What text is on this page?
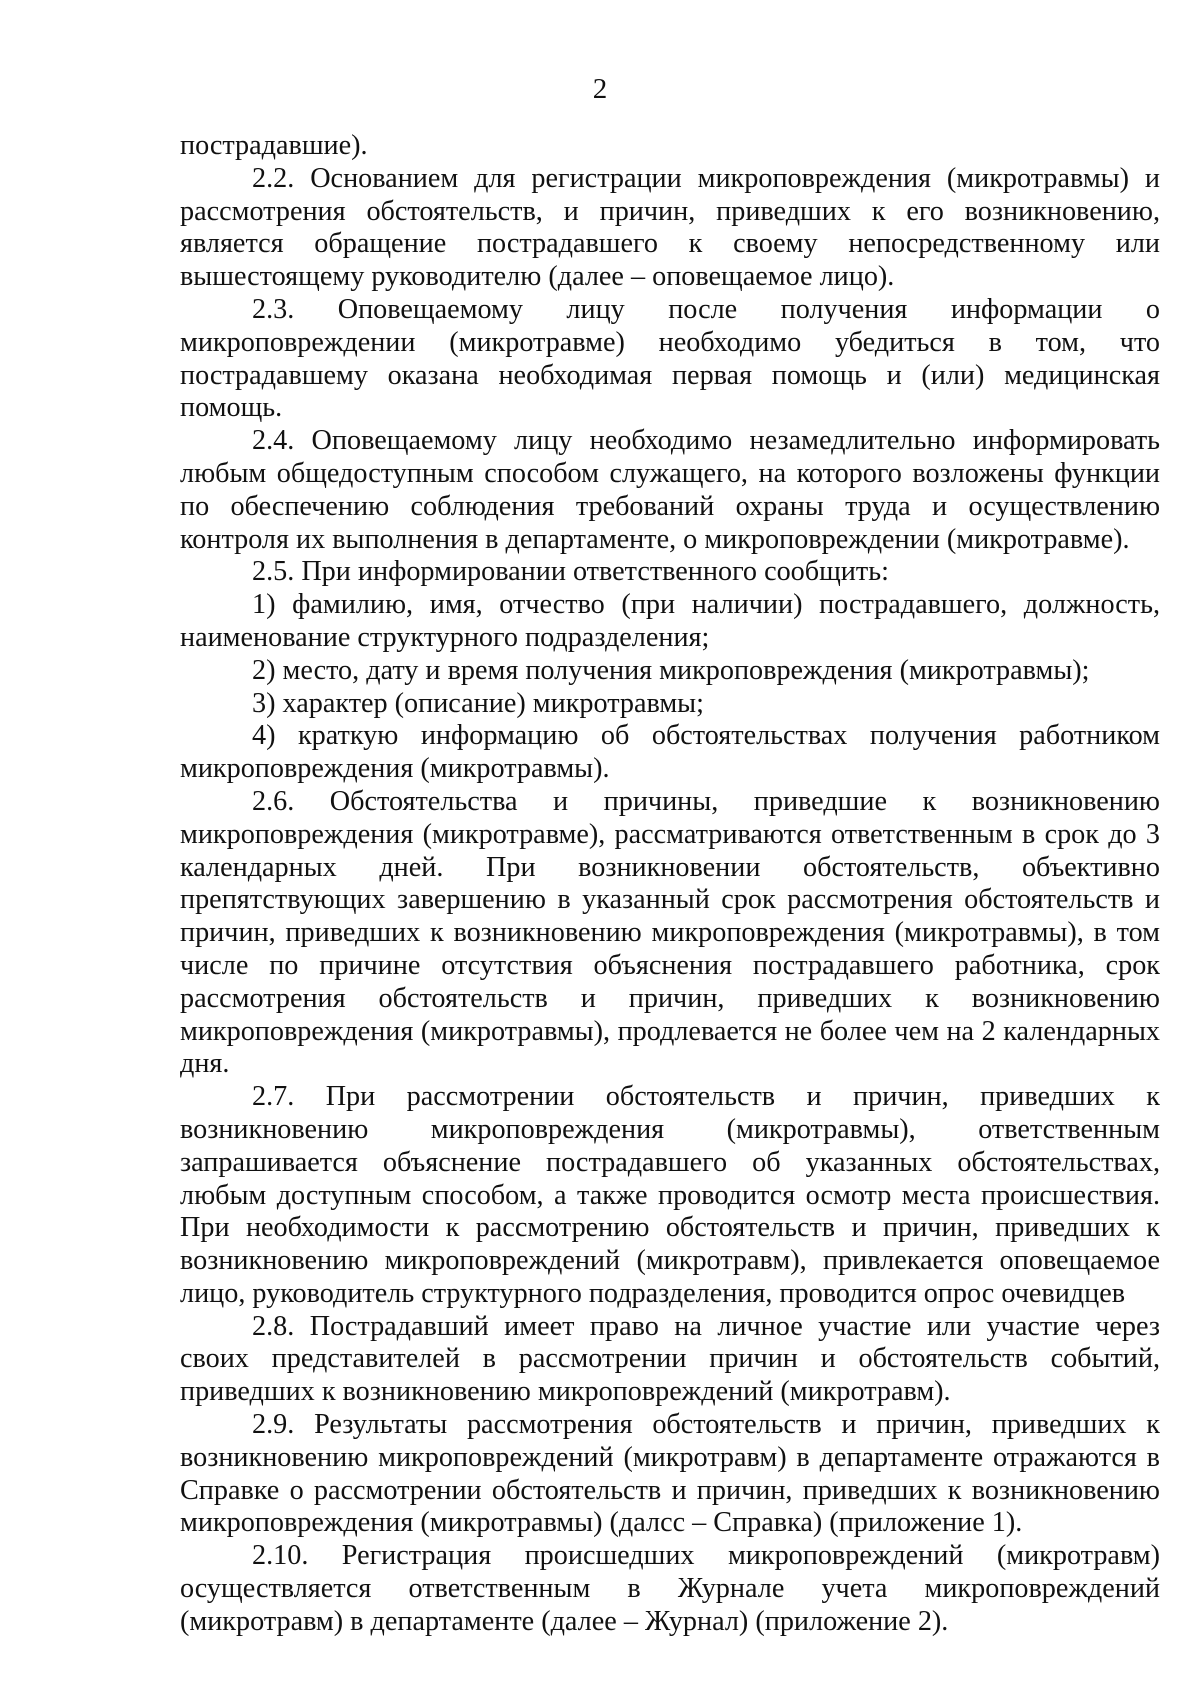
2

пострадавшие).

2.2. Основанием для регистрации микроповреждения (микротравмы) и рассмотрения обстоятельств, и причин, приведших к его возникновению, является обращение пострадавшего к своему непосредственному или вышестоящему руководителю (далее – оповещаемое лицо).

2.3. Оповещаемому лицу после получения информации о микроповреждении (микротравме) необходимо убедиться в том, что пострадавшему оказана необходимая первая помощь и (или) медицинская помощь.

2.4. Оповещаемому лицу необходимо незамедлительно информировать любым общедоступным способом служащего, на которого возложены функции по обеспечению соблюдения требований охраны труда и осуществлению контроля их выполнения в департаменте, о микроповреждении (микротравме).

2.5. При информировании ответственного сообщить:

1) фамилию, имя, отчество (при наличии) пострадавшего, должность, наименование структурного подразделения;

2) место, дату и время получения микроповреждения (микротравмы);

3) характер (описание) микротравмы;

4) краткую информацию об обстоятельствах получения работником микроповреждения (микротравмы).

2.6. Обстоятельства и причины, приведшие к возникновению микроповреждения (микротравме), рассматриваются ответственным в срок до 3 календарных дней. При возникновении обстоятельств, объективно препятствующих завершению в указанный срок рассмотрения обстоятельств и причин, приведших к возникновению микроповреждения (микротравмы), в том числе по причине отсутствия объяснения пострадавшего работника, срок рассмотрения обстоятельств и причин, приведших к возникновению микроповреждения (микротравмы), продлевается не более чем на 2 календарных дня.

2.7. При рассмотрении обстоятельств и причин, приведших к возникновению микроповреждения (микротравмы), ответственным запрашивается объяснение пострадавшего об указанных обстоятельствах, любым доступным способом, а также проводится осмотр места происшествия. При необходимости к рассмотрению обстоятельств и причин, приведших к возникновению микроповреждений (микротравм), привлекается оповещаемое лицо, руководитель структурного подразделения, проводится опрос очевидцев

2.8. Пострадавший имеет право на личное участие или участие через своих представителей в рассмотрении причин и обстоятельств событий, приведших к возникновению микроповреждений (микротравм).

2.9. Результаты рассмотрения обстоятельств и причин, приведших к возникновению микроповреждений (микротравм) в департаменте отражаются в Справке о рассмотрении обстоятельств и причин, приведших к возникновению микроповреждения (микротравмы) (далсс – Справка) (приложение 1).

2.10. Регистрация происшедших микроповреждений (микротравм) осуществляется ответственным в Журнале учета микроповреждений (микротравм) в департаменте (далее – Журнал) (приложение 2).
